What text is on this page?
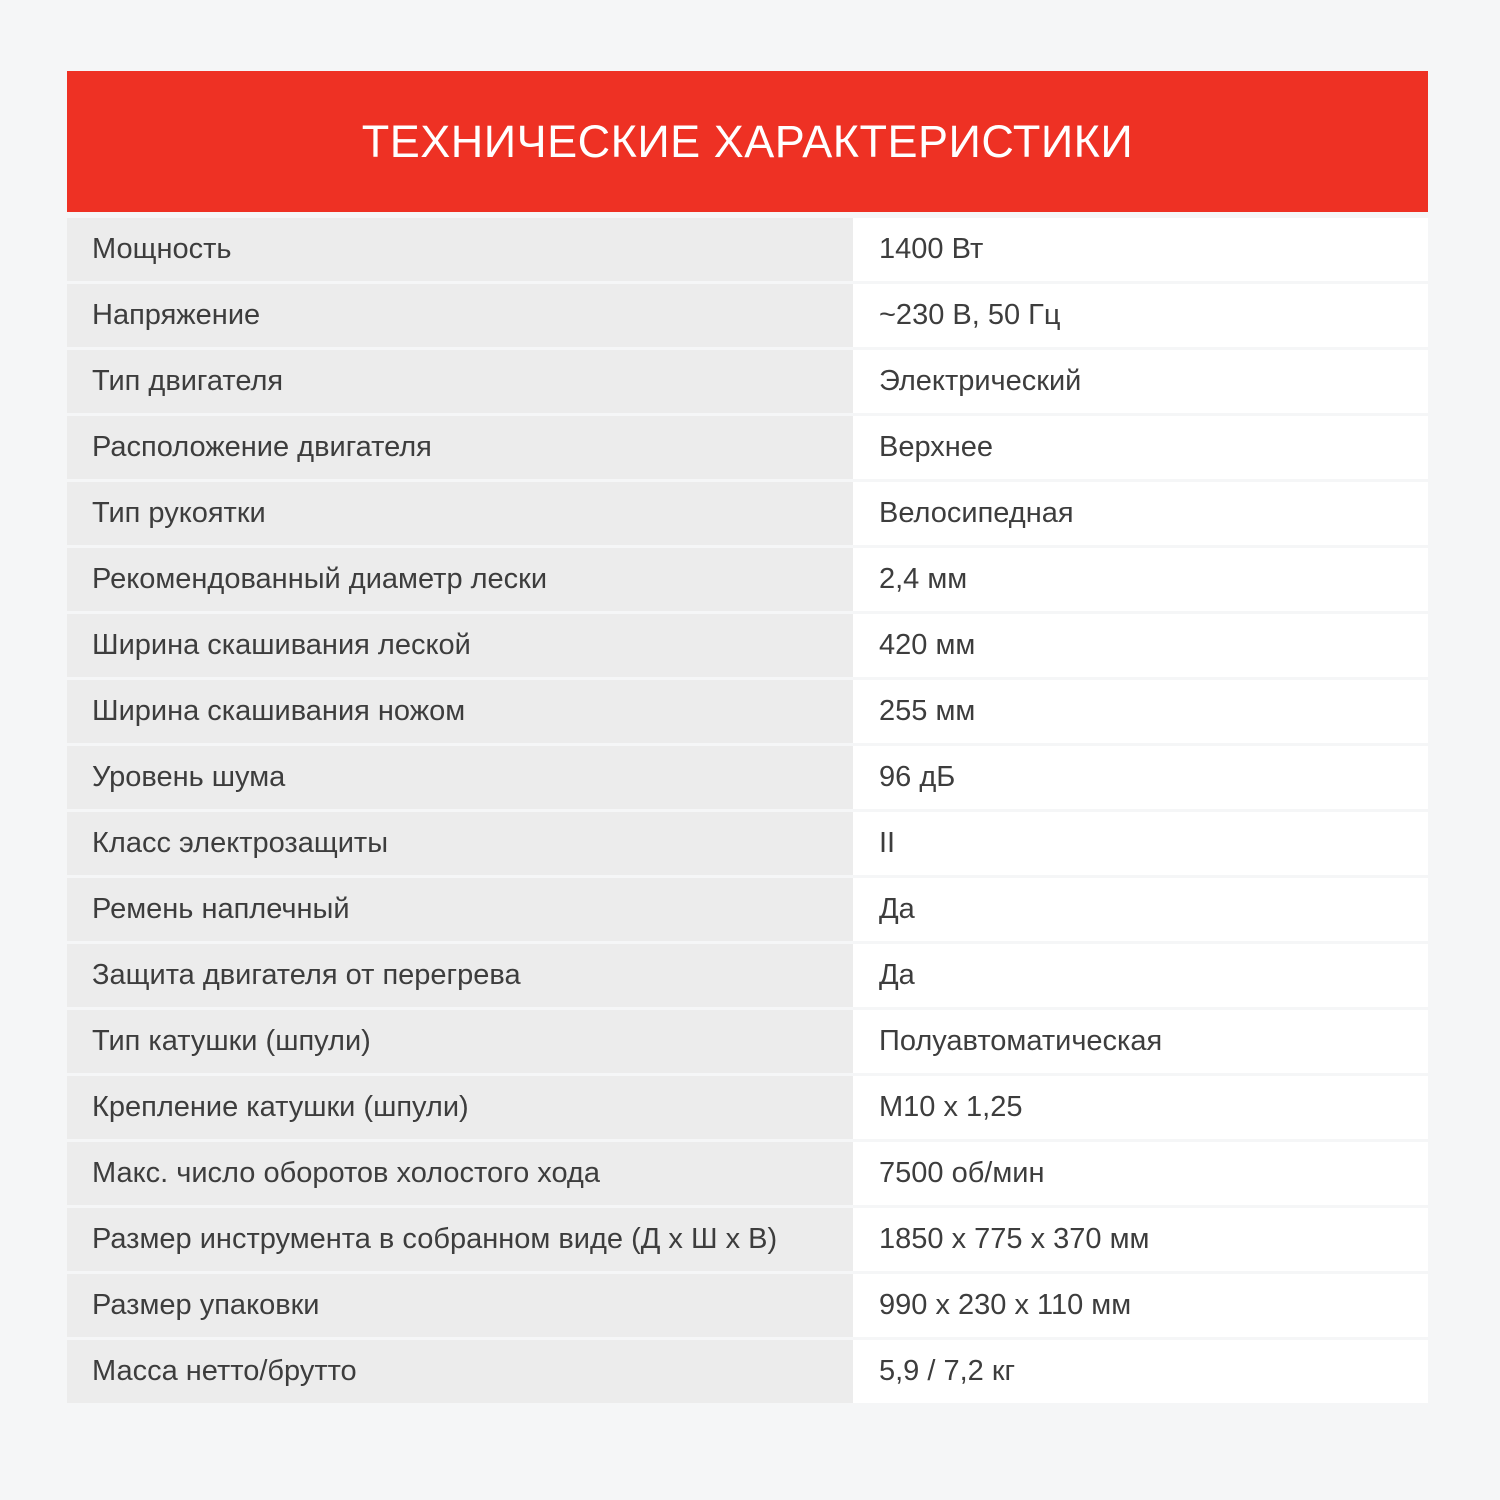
ТЕХНИЧЕСКИЕ ХАРАКТЕРИСТИКИ
Мощность	1400 Вт
Напряжение	~230 В, 50 Гц
Тип двигателя	Электрический
Расположение двигателя	Верхнее
Тип рукоятки	Велосипедная
Рекомендованный диаметр лески	2,4 мм
Ширина скашивания леской	420 мм
Ширина скашивания ножом	255 мм
Уровень шума	96 дБ
Класс электрозащиты	II
Ремень наплечный	Да
Защита двигателя от перегрева	Да
Тип катушки (шпули)	Полуавтоматическая
Крепление катушки (шпули)	M10 x 1,25
Макс. число оборотов холостого хода	7500 об/мин
Размер инструмента в собранном виде (Д х Ш х В)	1850 х 775 х 370 мм
Размер упаковки	990 х 230 х 110 мм
Масса нетто/брутто	5,9 / 7,2 кг
